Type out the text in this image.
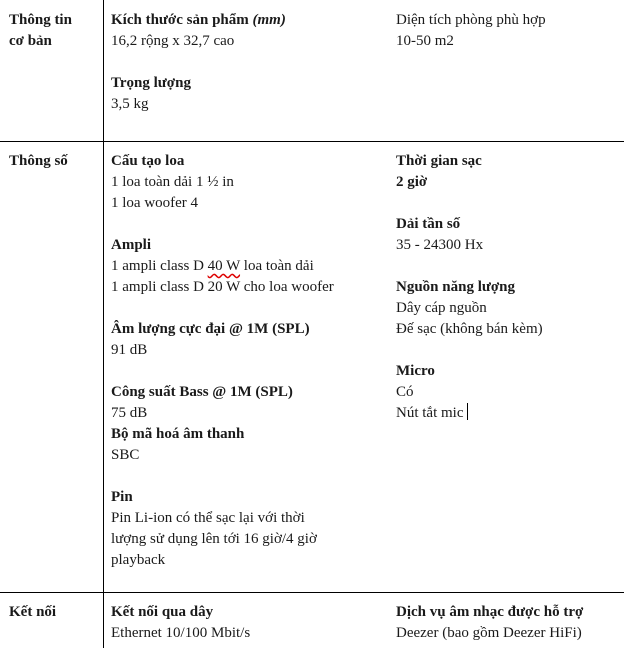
Thông tin
cơ bản
Kích thước sản phẩm (mm)
16,2 rộng x 32,7 cao
Trọng lượng
3,5 kg
Diện tích phòng phù hợp
10-50 m2
Thông số	Cấu tạo loa
1 loa toàn dải 1 ½ in
1 loa woofer 4
Ampli
1 ampli class D 40 W loa toàn dải
1 ampli class D 20 W cho loa woofer
Âm lượng cực đại @ 1M (SPL)
91 dB
Công suất Bass @ 1M (SPL)
75 dB
Bộ mã hoá âm thanh
SBC
Pin
Pin Li-ion có thể sạc lại với thời
lượng sử dụng lên tới 16 giờ/4 giờ
playback
Thời gian sạc
2 giờ
Dải tần số
35 - 24300 Hx
Nguồn năng lượng
Dây cáp nguồn
Đế sạc (không bán kèm)
Micro
Có
Nút tắt mic
Kết nối	Kết nối qua dây
Ethernet 10/100 Mbit/s
Dịch vụ âm nhạc được hỗ trợ
Deezer (bao gồm Deezer HiFi)
